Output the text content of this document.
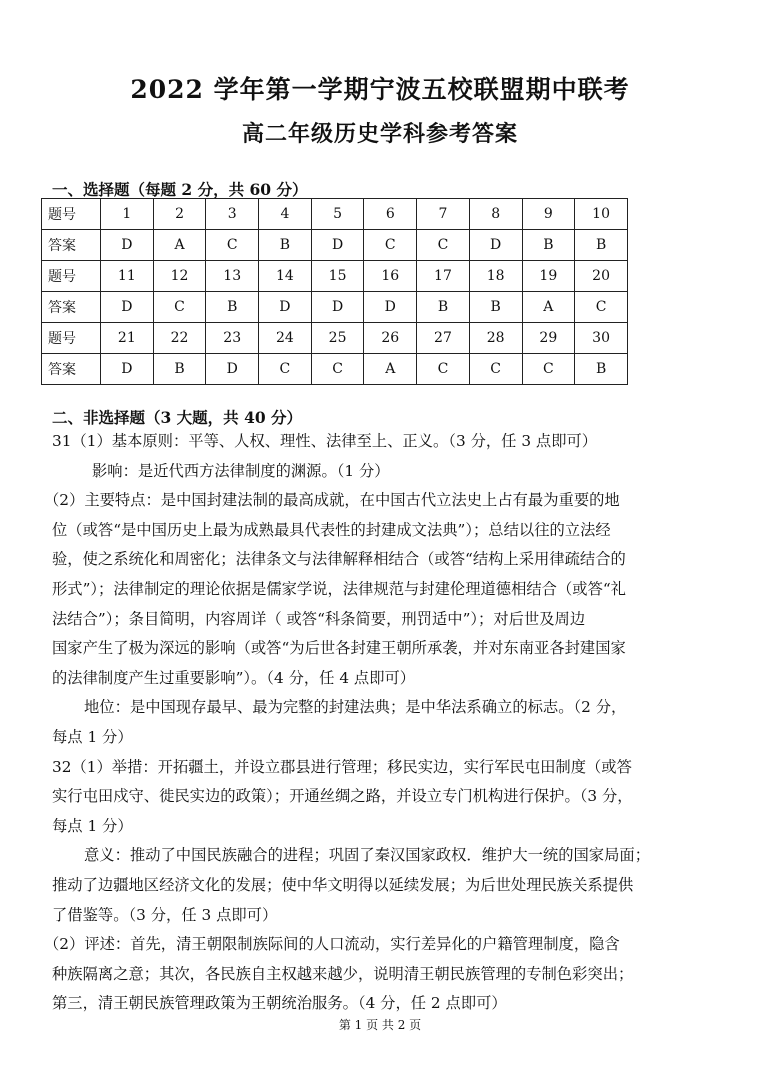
2022 学年第一学期宁波五校联盟期中联考
高二年级历史学科参考答案
一、选择题（每题 2 分，共 60 分）
题号	1	2	3	4	5	6	7	8	9	10
答案	D	A	C	B	D	C	C	D	B	B
题号	11	12	13	14	15	16	17	18	19	20
答案	D	C	B	D	D	D	B	B	A	C
题号	21	22	23	24	25	26	27	28	29	30
答案	D	B	D	C	C	A	C	C	C	B
二、非选择题（3 大题，共 40 分）
31（1）基本原则：平等、人权、理性、法律至上、正义。（3 分，任 3 点即可）
影响：是近代西方法律制度的渊源。（1 分）
（2）主要特点：是中国封建法制的最高成就，在中国古代立法史上占有最为重要的地
位（或答“是中国历史上最为成熟最具代表性的封建成文法典”）；总结以往的立法经
验，使之系统化和周密化；法律条文与法律解释相结合（或答“结构上采用律疏结合的
形式”）；法律制定的理论依据是儒家学说，法律规范与封建伦理道德相结合（或答“礼
法结合”）；条目简明，内容周详（ 或答“科条简要，刑罚适中”）；对后世及周边
国家产生了极为深远的影响（或答“为后世各封建王朝所承袭，并对东南亚各封建国家
的法律制度产生过重要影响”）。（4 分，任 4 点即可）
地位：是中国现存最早、最为完整的封建法典；是中华法系确立的标志。（2 分，
每点 1 分）
32（1）举措：开拓疆土，并设立郡县进行管理；移民实边，实行军民屯田制度（或答
实行屯田戍守、徙民实边的政策）；开通丝绸之路，并设立专门机构进行保护。（3 分，
每点 1 分）
意义：推动了中国民族融合的进程；巩固了秦汉国家政权．维护大一统的国家局面；
推动了边疆地区经济文化的发展；使中华文明得以延续发展；为后世处理民族关系提供
了借鉴等。（3 分，任 3 点即可）
（2）评述：首先，清王朝限制族际间的人口流动，实行差异化的户籍管理制度，隐含
种族隔离之意；其次，各民族自主权越来越少，说明清王朝民族管理的专制色彩突出；
第三，清王朝民族管理政策为王朝统治服务。（4 分，任 2 点即可）
第 1 页 共 2 页
